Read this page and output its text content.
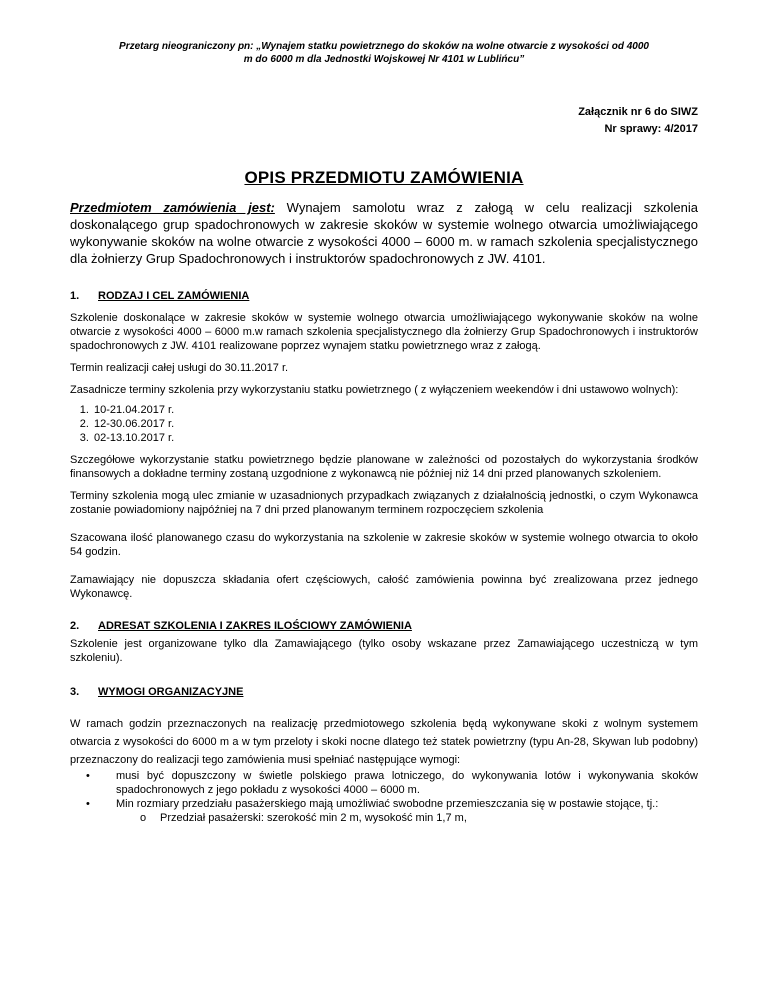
Przetarg nieograniczony pn: „Wynajem statku powietrznego do skoków na wolne otwarcie z wysokości od 4000
m do 6000 m dla Jednostki Wojskowej Nr 4101 w Lublińcu”
Załącznik nr 6 do SIWZ
Nr sprawy: 4/2017
OPIS PRZEDMIOTU ZAMÓWIENIA
Przedmiotem zamówienia jest: Wynajem samolotu wraz z załogą w celu realizacji szkolenia doskonalącego grup spadochronowych w zakresie skoków w systemie wolnego otwarcia umożliwiającego wykonywanie skoków na wolne otwarcie z wysokości 4000 – 6000 m. w ramach szkolenia specjalistycznego dla żołnierzy Grup Spadochronowych i instruktorów spadochronowych z JW. 4101.
1.	RODZAJ I CEL ZAMÓWIENIA

Szkolenie doskonalące w zakresie skoków w systemie wolnego otwarcia umożliwiającego wykonywanie skoków na wolne otwarcie z wysokości 4000 – 6000 m.w ramach szkolenia specjalistycznego dla żołnierzy Grup Spadochronowych i instruktorów spadochronowych z JW. 4101 realizowane poprzez wynajem statku powietrznego wraz z załogą.

Termin realizacji całej usługi do 30.11.2017 r.

Zasadnicze terminy szkolenia przy wykorzystaniu statku powietrznego ( z wyłączeniem weekendów i dni ustawowo wolnych):

1. 10-21.04.2017 r.
2. 12-30.06.2017 r.
3. 02-13.10.2017 r.

Szczegółowe wykorzystanie statku powietrznego będzie planowane w zależności od pozostałych do wykorzystania środków finansowych a dokładne terminy zostaną uzgodnione z wykonawcą nie później niż 14 dni przed planowanych szkoleniem.

Terminy szkolenia mogą ulec zmianie w uzasadnionych przypadkach związanych z działalnością jednostki, o czym Wykonawca zostanie powiadomiony najpóźniej na 7 dni przed planowanym terminem rozpoczęciem szkolenia

Szacowana ilość planowanego czasu do wykorzystania na szkolenie w zakresie skoków w systemie wolnego otwarcia to około 54 godzin.

Zamawiający nie dopuszcza składania ofert częściowych, całość zamówienia powinna być zrealizowana przez jednego Wykonawcę.

2.	ADRESAT SZKOLENIA I ZAKRES ILOŚCIOWY ZAMÓWIENIA

Szkolenie jest organizowane tylko dla Zamawiającego (tylko osoby wskazane przez Zamawiającego uczestniczą w tym szkoleniu).

3.	WYMOGI ORGANIZACYJNE

W ramach godzin przeznaczonych na realizację przedmiotowego szkolenia będą wykonywane skoki z wolnym systemem otwarcia z wysokości do 6000 m a w tym przeloty i skoki nocne dlatego też statek powietrzny (typu An-28, Skywan lub podobny) przeznaczony do realizacji tego zamówienia musi spełniać następujące wymogi:

• musi być dopuszczony w świetle polskiego prawa lotniczego, do wykonywania lotów i wykonywania skoków spadochronowych z jego pokładu z wysokości 4000 – 6000 m.
• Min rozmiary przedziału pasażerskiego mają umożliwiać swobodne przemieszczania się w postawie stojące, tj.:
o Przedział pasażerski: szerokość min 2 m, wysokość min 1,7 m,
